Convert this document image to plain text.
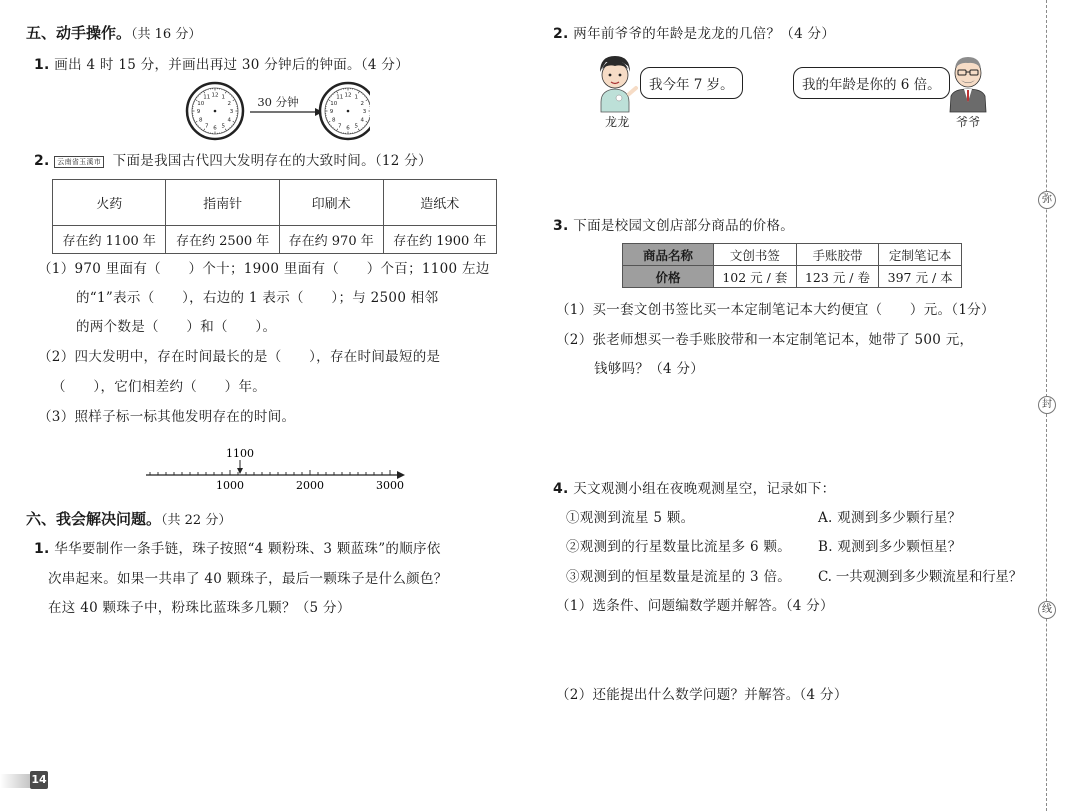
五、动手操作。（共 16 分）
1. 画出 4 时 15 分，并画出再过 30 分钟后的钟面。（4 分）
1
2
3
4
5
6
7
8
9
10
11 12	30 分钟	1
2
3
4
5
6
7
8
9
10
11 12
2. 云南省玉溪市 下面是我国古代四大发明存在的大致时间。（12 分）
火药	指南针	印刷术	造纸术
存在约 1100 年	存在约 2500 年	存在约 970 年	存在约 1900 年
（1）970 里面有（　　）个十；1900 里面有（　　）个百；1100 左边
的“1”表示（　　），右边的 1 表示（　　）；与 2500 相邻
的两个数是（　　）和（　　）。
（2）四大发明中，存在时间最长的是（　　），存在时间最短的是
（　　），它们相差约（　　）年。
（3）照样子标一标其他发明存在的时间。
1100
1000	2000	3000
六、我会解决问题。（共 22 分）
1. 华华要制作一条手链，珠子按照“4 颗粉珠、3 颗蓝珠”的顺序依
次串起来。如果一共串了 40 颗珠子，最后一颗珠子是什么颜色？
在这 40 颗珠子中，粉珠比蓝珠多几颗？（5 分）
14
2. 两年前爷爷的年龄是龙龙的几倍？（4 分）
我今年 7 岁。
龙龙
我的年龄是你的 6 倍。
爷爷
3. 下面是校园文创店部分商品的价格。
商品名称	文创书签	手账胶带	定制笔记本
价格	102 元 / 套	123 元 / 卷	397 元 / 本
（1）买一套文创书签比买一本定制笔记本大约便宜（　　）元。（1分）
（2）张老师想买一卷手账胶带和一本定制笔记本，她带了 500 元，
钱够吗？（4 分）
4. 天文观测小组在夜晚观测星空，记录如下：
①观测到流星 5 颗。	A. 观测到多少颗行星？
②观测到的行星数量比流星多 6 颗。 B. 观测到多少颗恒星？
③观测到的恒星数量是流星的 3 倍。 C. 一共观测到多少颗流星和行星？
（1）选条件、问题编数学题并解答。（4 分）
（2）还能提出什么数学问题？并解答。（4 分）
弥
封
线
